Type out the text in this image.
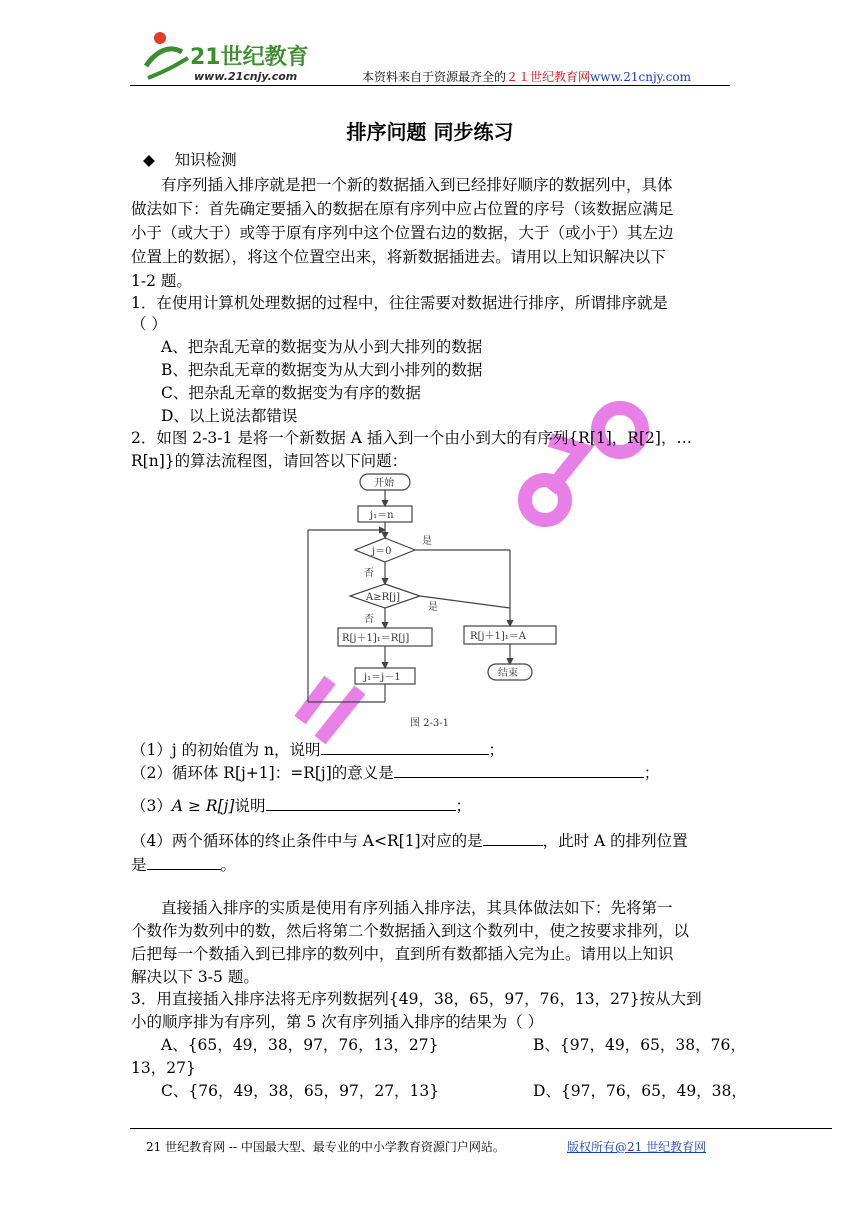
21世纪教育
www.21cnjy.com	本资料来自于资源最齐全的２１世纪教育网www.21cnjy.com
排序问题 同步练习
◆ 知识检测
有序列插入排序就是把一个新的数据插入到已经排好顺序的数据列中，具体
做法如下：首先确定要插入的数据在原有序列中应占位置的序号（该数据应满足
小于（或大于）或等于原有序列中这个位置右边的数据，大于（或小于）其左边
位置上的数据），将这个位置空出来，将新数据插进去。请用以上知识解决以下
1-2 题。
1．在使用计算机处理数据的过程中，往往需要对数据进行排序，所谓排序就是
（ ）
A、把杂乱无章的数据变为从小到大排列的数据
B、把杂乱无章的数据变为从大到小排列的数据
C、把杂乱无章的数据变为有序的数据
D、以上说法都错误
2．如图 2-3-1 是将一个新数据 A 插入到一个由小到大的有序列{R[1]，R[2]，…
R[n]}的算法流程图，请回答以下问题：
开始
j₁＝n
j＝0
A≥R[j]
R[j＋1]₁＝R[j]
j₁＝j－1
R[j＋1]₁＝A
结束
是
是
否
否
图 2-3-1
（1）j 的初始值为 n，说明	；
（2）循环体 R[j+1]：=R[j]的意义是	；
（3）A ≥ R[j]说明	；
（4）两个循环体的终止条件中与 A<R[1]对应的是	，此时 A 的排列位置
是	。
直接插入排序的实质是使用有序列插入排序法，其具体做法如下：先将第一
个数作为数列中的数，然后将第二个数据插入到这个数列中，使之按要求排列，以
后把每一个数插入到已排序的数列中，直到所有数都插入完为止。请用以上知识
解决以下 3-5 题。
3．用直接插入排序法将无序列数据列{49，38，65，97，76，13，27}按从大到
小的顺序排为有序列，第 5 次有序列插入排序的结果为（ ）
A、{65，49，38，97，76，13，27}	B、{97，49，65，38，76，
13，27}
C、{76，49，38，65，97，27，13}	D、{97，76，65，49，38，
21 世纪教育网 -- 中国最大型、最专业的中小学教育资源门户网站。	版权所有@21 世纪教育网
